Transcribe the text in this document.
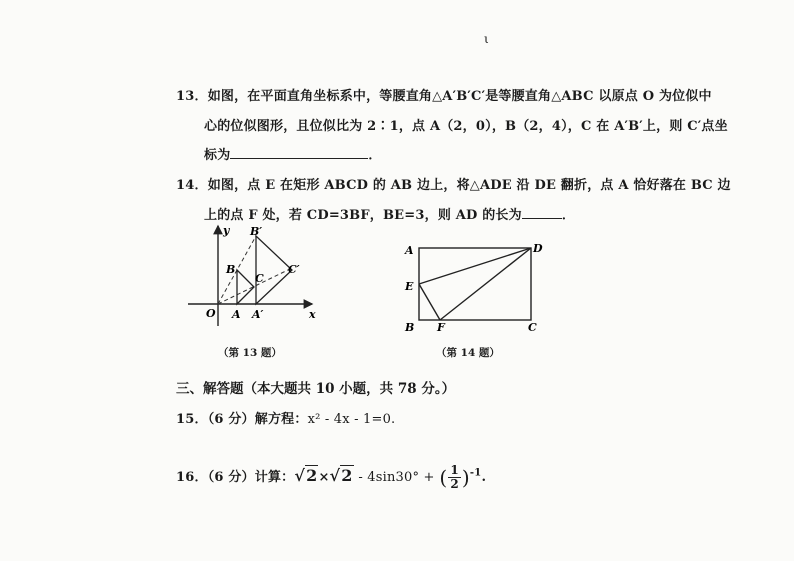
ι
13．如图，在平面直角坐标系中，等腰直角△A′B′C′是等腰直角△ABC 以原点 O 为位似中
心的位似图形，且位似比为 2∶1，点 A（2，0），B（2，4），C 在 A′B′上，则 C′点坐
标为	．
14．如图，点 E 在矩形 ABCD 的 AB 边上，将△ADE 沿 DE 翻折，点 A 恰好落在 BC 边
上的点 F 处，若 CD=3BF，BE=3，则 AD 的长为	．
y
x
O A A′
B
B′
C
C′
（第 13 题）
A
E
B F	C
D
（第 14 题）
三、解答题（本大题共 10 小题，共 78 分。）
15．（6 分）解方程：x² - 4x - 1=0.
16．（6 分）计算：√2×√2 - 4sin30° + ( $\frac{1}{2} )^{-1}$.
